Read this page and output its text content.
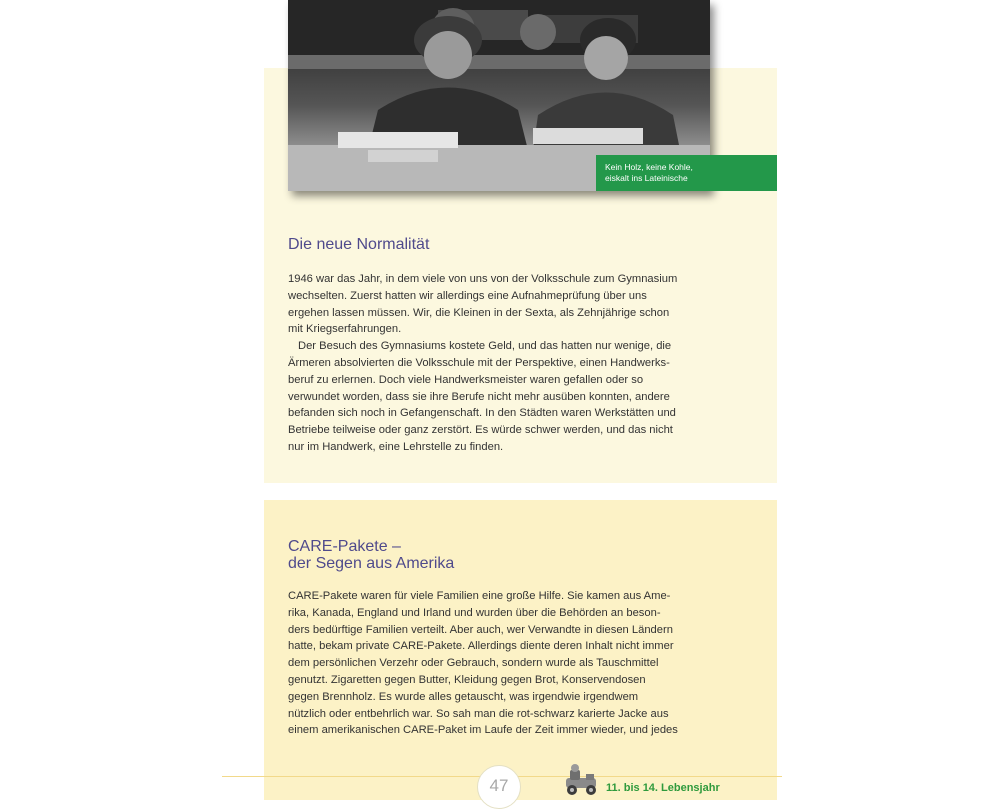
Kein Holz, keine Kohle,
eiskalt ins Lateinische
Die neue Normalität
1946 war das Jahr, in dem viele von uns von der Volksschule zum Gymnasium
wechselten. Zuerst hatten wir allerdings eine Aufnahmeprüfung über uns
ergehen lassen müssen. Wir, die Kleinen in der Sexta, als Zehnjährige schon
mit Kriegserfahrungen.
Der Besuch des Gymnasiums kostete Geld, und das hatten nur wenige, die
Ärmeren absolvierten die Volksschule mit der Perspektive, einen Handwerks-
beruf zu erlernen. Doch viele Handwerksmeister waren gefallen oder so
verwundet worden, dass sie ihre Berufe nicht mehr ausüben konnten, andere
befanden sich noch in Gefangenschaft. In den Städten waren Werkstätten und
Betriebe teilweise oder ganz zerstört. Es würde schwer werden, und das nicht
nur im Handwerk, eine Lehrstelle zu finden.
CARE-Pakete –
der Segen aus Amerika
CARE-Pakete waren für viele Familien eine große Hilfe. Sie kamen aus Ame-
rika, Kanada, England und Irland und wurden über die Behörden an beson-
ders bedürftige Familien verteilt. Aber auch, wer Verwandte in diesen Ländern
hatte, bekam private CARE-Pakete. Allerdings diente deren Inhalt nicht immer
dem persönlichen Verzehr oder Gebrauch, sondern wurde als Tauschmittel
genutzt. Zigaretten gegen Butter, Kleidung gegen Brot, Konservendosen
gegen Brennholz. Es wurde alles getauscht, was irgendwie irgendwem
nützlich oder entbehrlich war. So sah man die rot-schwarz karierte Jacke aus
einem amerikanischen CARE-Paket im Laufe der Zeit immer wieder, und jedes
47	11. bis 14. Lebensjahr
